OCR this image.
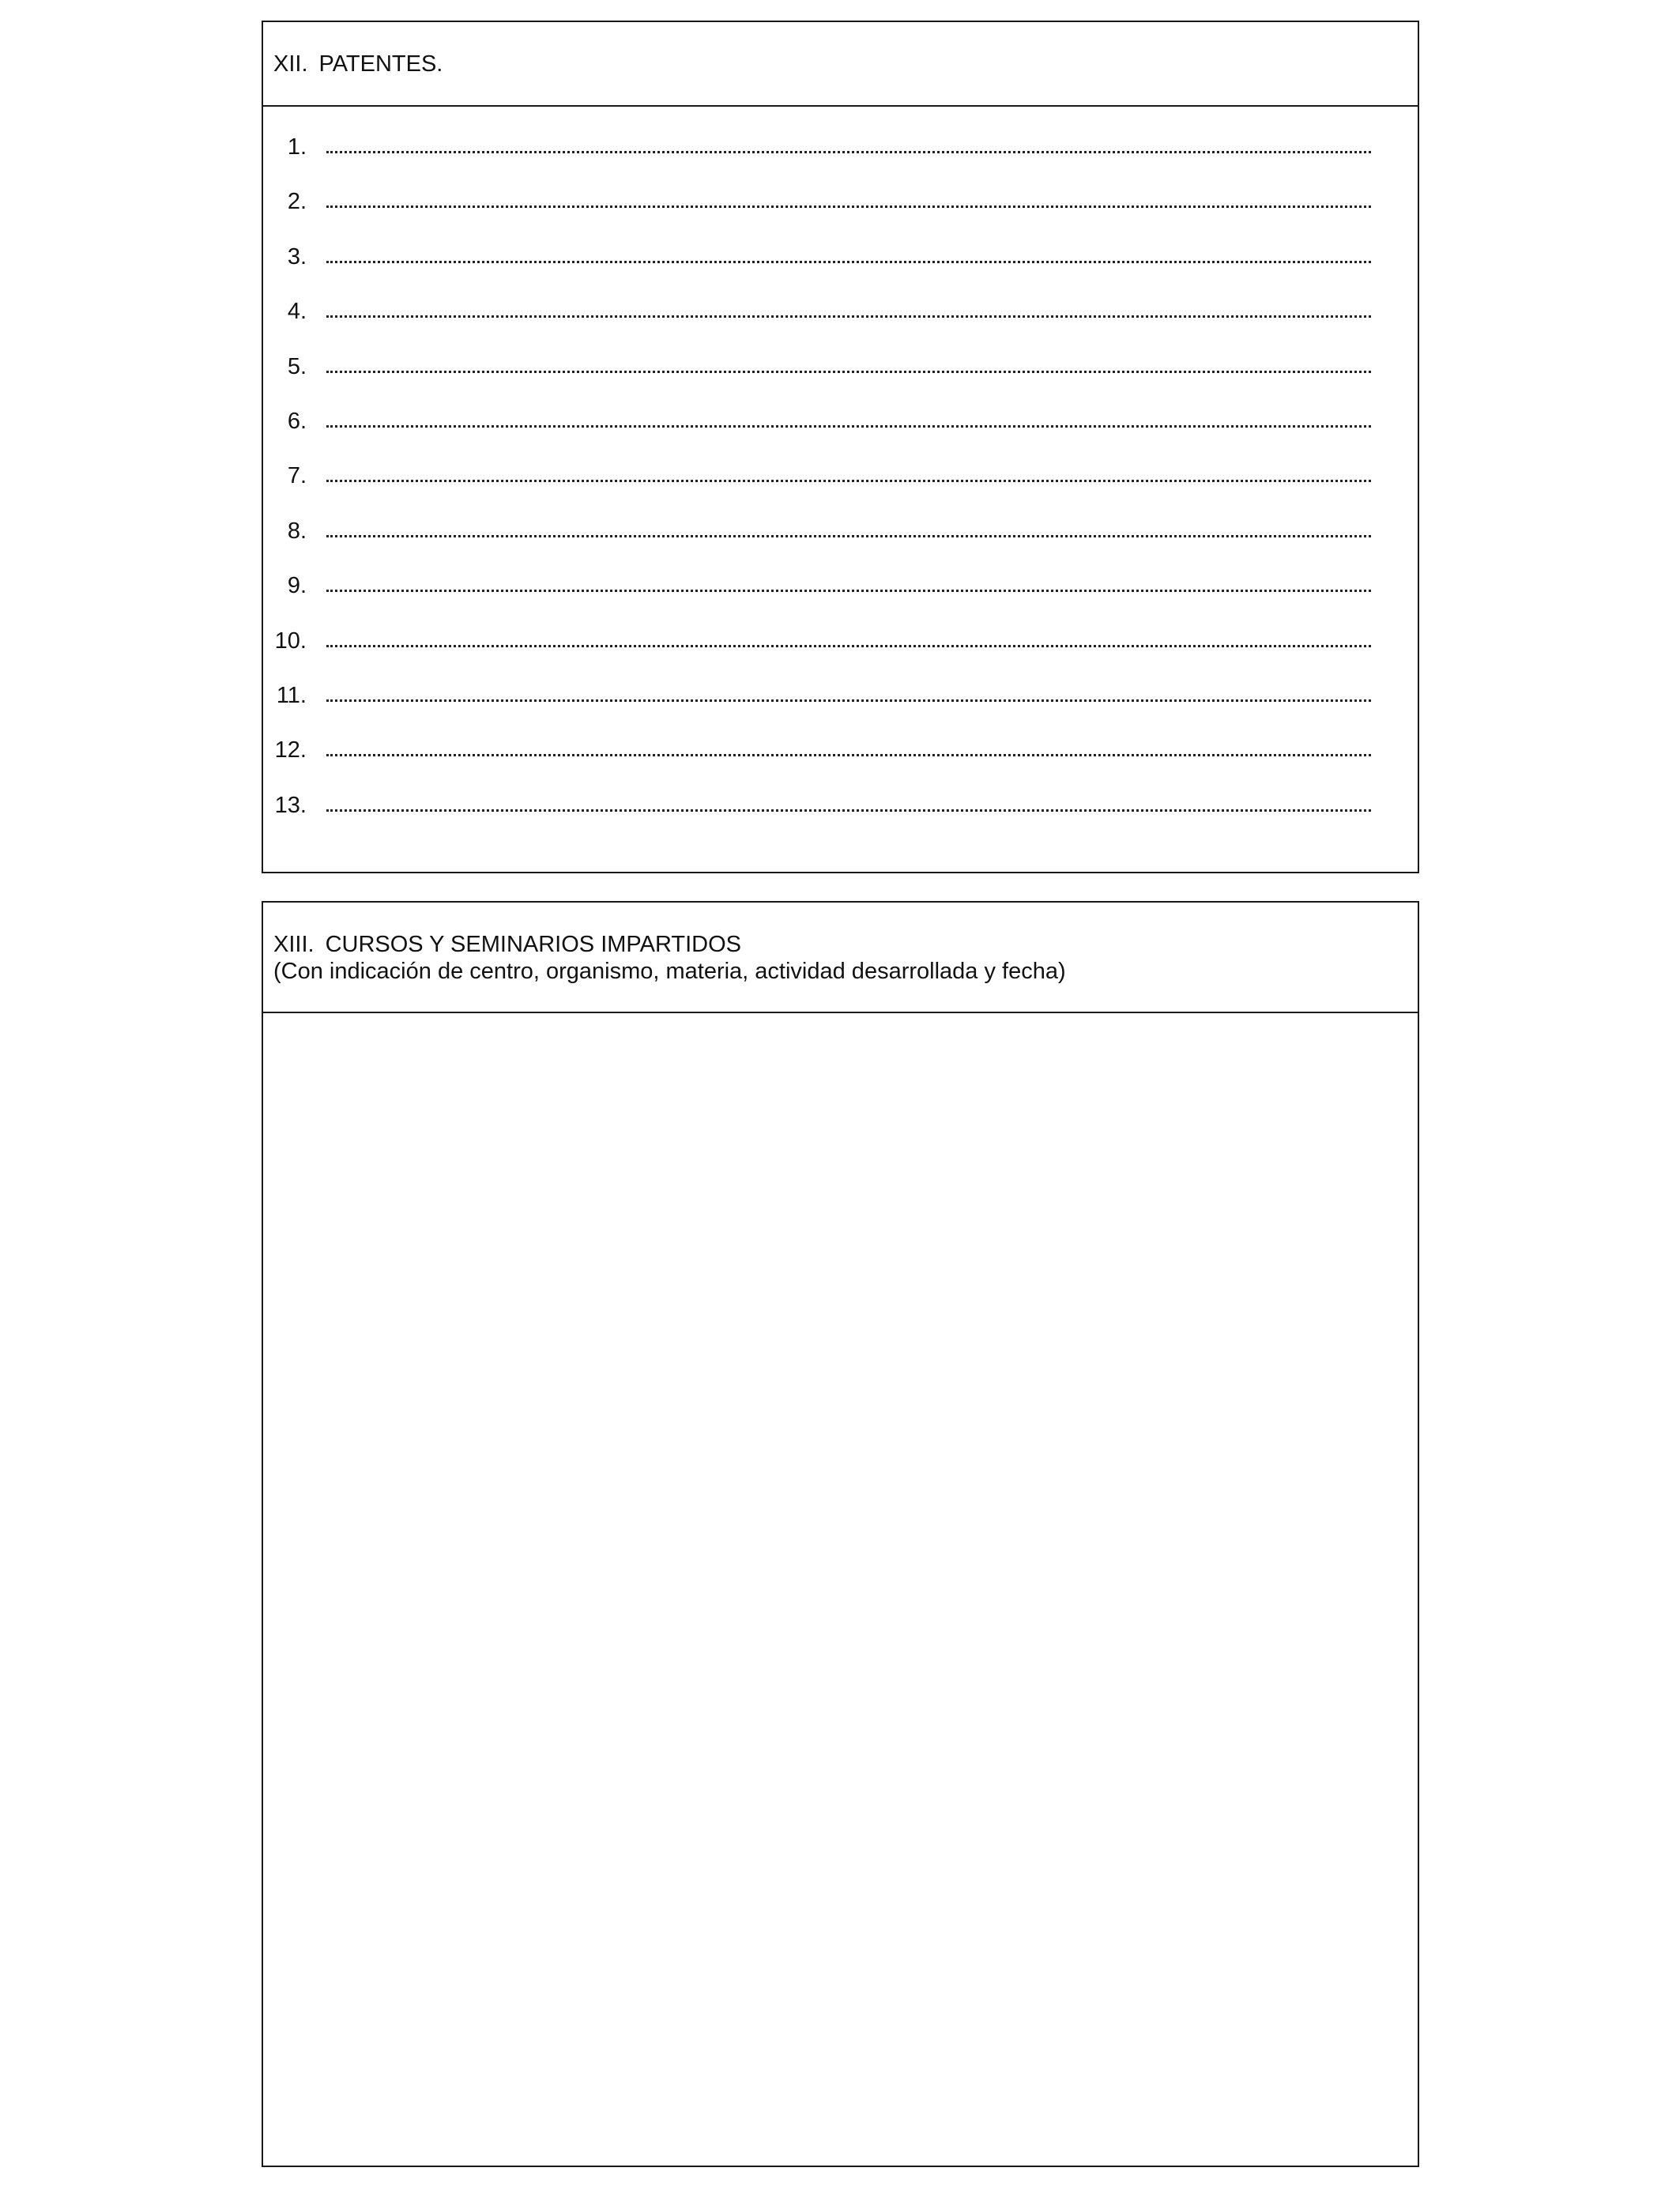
XII. PATENTES.
1.
2.
3.
4.
5.
6.
7.
8.
9.
10.
11.
12.
13.
XIII. CURSOS Y SEMINARIOS IMPARTIDOS
(Con indicación de centro, organismo, materia, actividad desarrollada y fecha)
